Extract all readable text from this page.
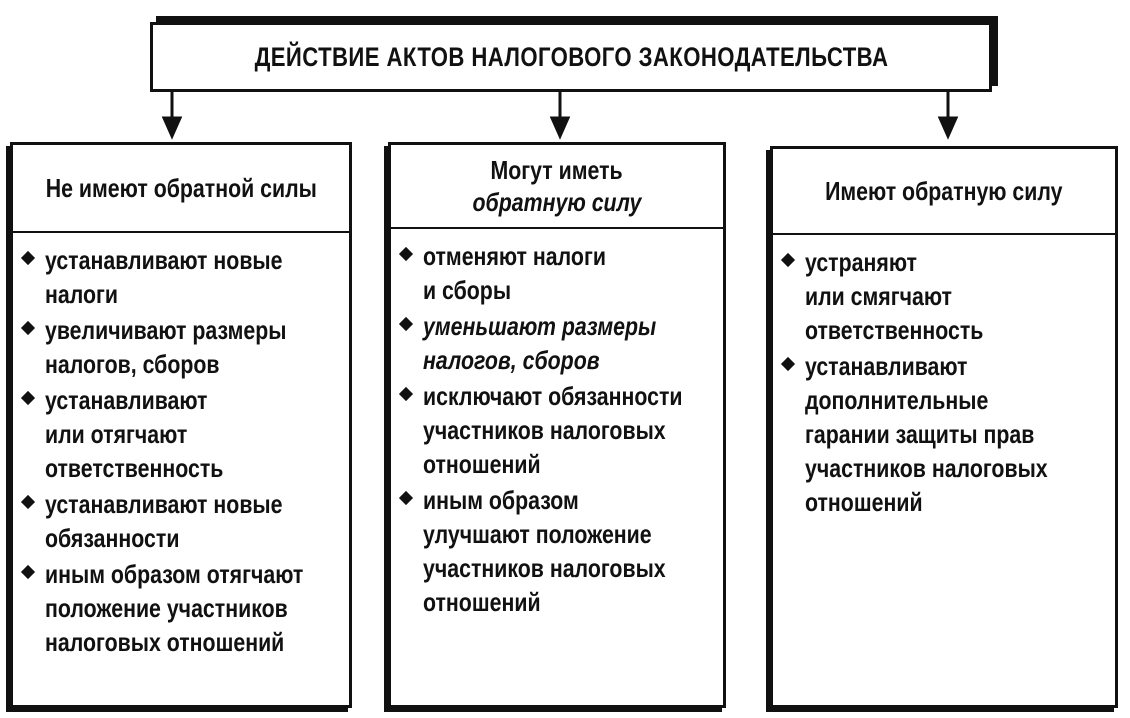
ДЕЙСТВИЕ АКТОВ НАЛОГОВОГО ЗАКОНОДАТЕЛЬСТВА
Не имеют обратной силы
устанавливают новые
налоги
увеличивают размеры
налогов, сборов
устанавливают
или отягчают
ответственность
устанавливают новые
обязанности
иным образом отягчают
положение участников
налоговых отношений
Могут иметь
обратную силу
отменяют налоги
и сборы
уменьшают размеры
налогов, сборов
исключают обязанности
участников налоговых
отношений
иным образом
улучшают положение
участников налоговых
отношений
Имеют обратную силу
устраняют
или смягчают
ответственность
устанавливают
дополнительные
гарании защиты прав
участников налоговых
отношений
